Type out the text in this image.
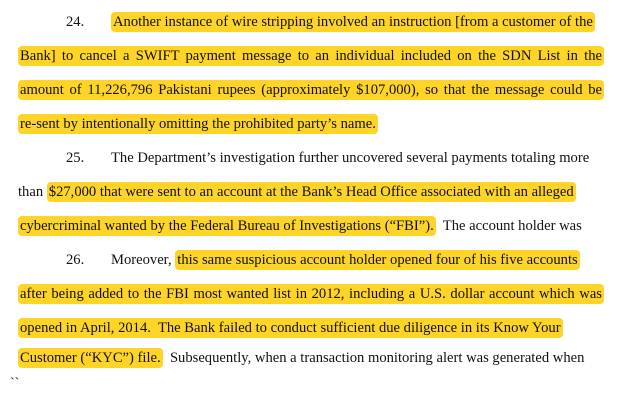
24. Another instance of wire stripping involved an instruction [from a customer of the
Bank] to cancel a SWIFT payment message to an individual included on the SDN List in the
amount of 11,226,796 Pakistani rupees (approximately $107,000), so that the message could be
re-sent by intentionally omitting the prohibited party’s name.
25. The Department’s investigation further uncovered several payments totaling more
than $27,000 that were sent to an account at the Bank’s Head Office associated with an alleged
cybercriminal wanted by the Federal Bureau of Investigations (“FBI”).  The account holder was
26. Moreover, this same suspicious account holder opened four of his five accounts
after being added to the FBI most wanted list in 2012, including a U.S. dollar account which was
opened in April, 2014.  The Bank failed to conduct sufficient due diligence in its Know Your
Customer (“KYC”) file.  Subsequently, when a transaction monitoring alert was generated when
``
